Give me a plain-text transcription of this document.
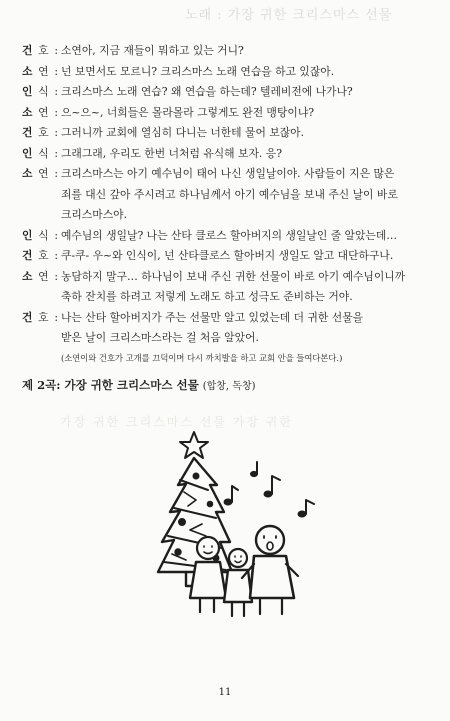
노래 : 가장 귀한 크리스마스 선물
건 호 : 소연아, 지금 재들이 뭐하고 있는 거니?
소 연 : 넌 보면서도 모르니? 크리스마스 노래 연습을 하고 있잖아.
인 식 : 크리스마스 노래 연습? 왜 연습을 하는데? 텔레비전에 나가나?
소 연 : 으~으~, 너희들은 몰라몰라 그렇게도 완전 맹탕이냐?
건 호 : 그러니까 교회에 열심히 다니는 너한테 물어 보잖아.
인 식 : 그래그래, 우리도 한번 너처럼 유식해 보자. 응?
소 연 : 크리스마스는 아기 예수님이 태어 나신 생일날이야. 사람들이 지은 많은
죄를 대신 갚아 주시려고 하나님께서 아기 예수님을 보내 주신 날이 바로
크리스마스야.
인 식 : 예수님의 생일날? 나는 산타 클로스 할아버지의 생일날인 줄 알았는데…
건 호 : 쿠-쿠- 우~와 인식이, 넌 산타클로스 할아버지 생일도 알고 대단하구나.
소 연 : 농담하지 말구… 하나님이 보내 주신 귀한 선물이 바로 아기 예수님이니까
축하 잔치를 하려고 저렇게 노래도 하고 성극도 준비하는 거야.
건 호 : 나는 산타 할아버지가 주는 선물만 알고 있었는데 더 귀한 선물을
받은 날이 크리스마스라는 걸 처음 알았어.
(소연이와 건호가 고개를 끄덕이며 다시 까치발을 하고 교회 안을 들여다본다.)
제 2곡: 가장 귀한 크리스마스 선물 (합창, 독창)
가장 귀한 크리스마스 선물 가장 귀한
11
